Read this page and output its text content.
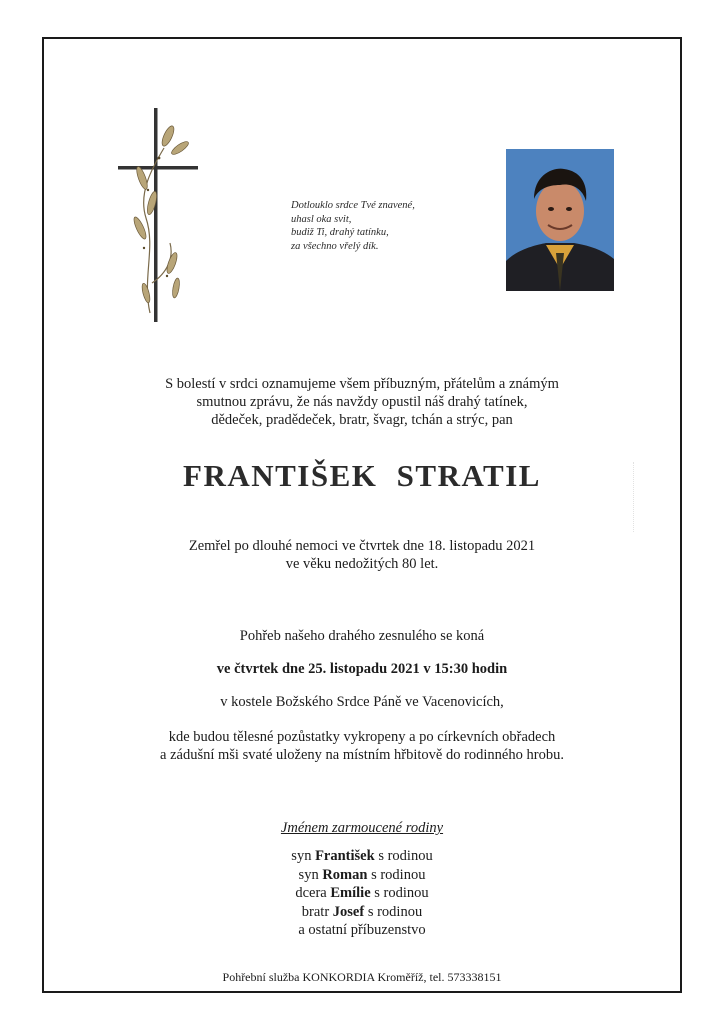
Dotlouklo srdce Tvé znavené,
uhasl oka svit,
budiž Ti, drahý tatínku,
za všechno vřelý dík.
S bolestí v srdci oznamujeme všem příbuzným, přátelům a známým
smutnou zprávu, že nás navždy opustil náš drahý tatínek,
dědeček, pradědeček, bratr, švagr, tchán a strýc, pan
FRANTIŠEK STRATIL
Zemřel po dlouhé nemoci ve čtvrtek dne 18. listopadu 2021
ve věku nedožitých 80 let.
Pohřeb našeho drahého zesnulého se koná
ve čtvrtek dne 25. listopadu 2021 v 15:30 hodin
v kostele Božského Srdce Páně ve Vacenovicích,
kde budou tělesné pozůstatky vykropeny a po církevních obřadech
a zádušní mši svaté uloženy na místním hřbitově do rodinného hrobu.
Jménem zarmoucené rodiny
syn František s rodinou
syn Roman s rodinou
dcera Emílie s rodinou
bratr Josef s rodinou
a ostatní příbuzenstvo
Pohřební služba KONKORDIA Kroměříž, tel. 573338151
